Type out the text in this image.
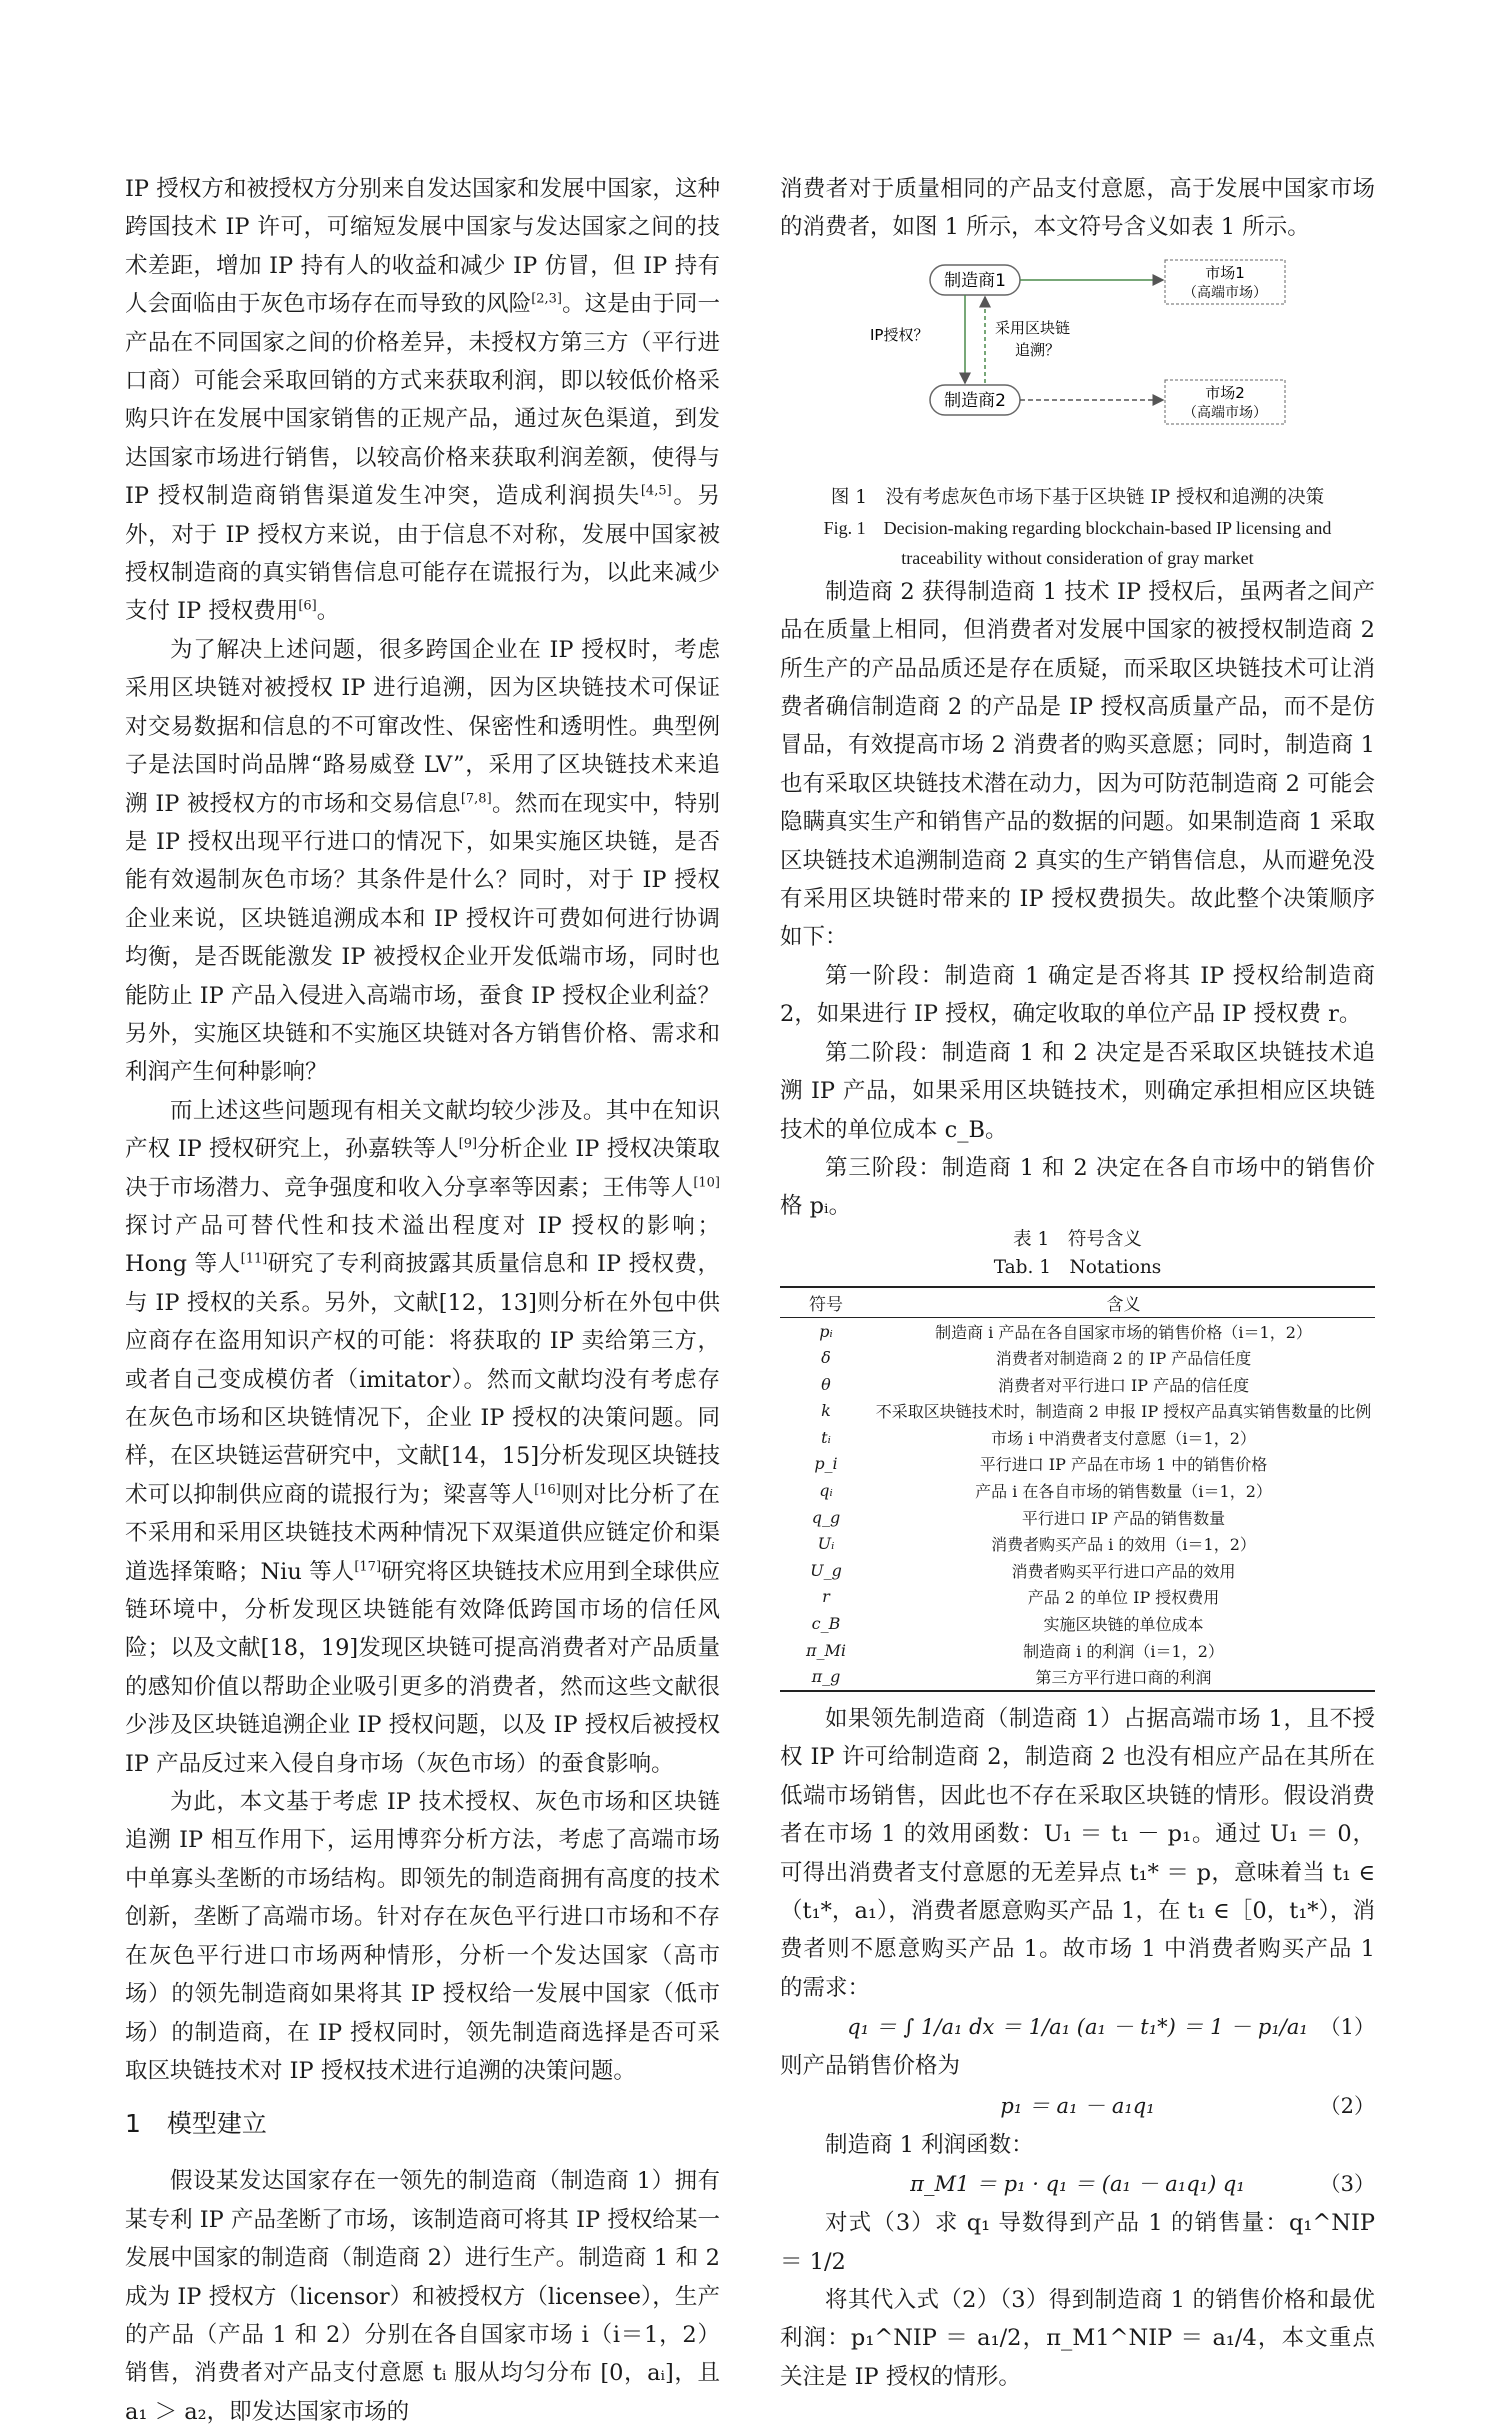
IP 授权方和被授权方分别来自发达国家和发展中国家，这种跨国技术 IP 许可，可缩短发展中国家与发达国家之间的技术差距，增加 IP 持有人的收益和减少 IP 仿冒，但 IP 持有人会面临由于灰色市场存在而导致的风险[2,3]。这是由于同一产品在不同国家之间的价格差异，未授权方第三方（平行进口商）可能会采取回销的方式来获取利润，即以较低价格采购只许在发展中国家销售的正规产品，通过灰色渠道，到发达国家市场进行销售，以较高价格来获取利润差额，使得与 IP 授权制造商销售渠道发生冲突，造成利润损失[4,5]。另外，对于 IP 授权方来说，由于信息不对称，发展中国家被授权制造商的真实销售信息可能存在谎报行为，以此来减少支付 IP 授权费用[6]。

为了解决上述问题，很多跨国企业在 IP 授权时，考虑采用区块链对被授权 IP 进行追溯，因为区块链技术可保证对交易数据和信息的不可窜改性、保密性和透明性。典型例子是法国时尚品牌“路易威登 LV”，采用了区块链技术来追溯 IP 被授权方的市场和交易信息[7,8]。然而在现实中，特别是 IP 授权出现平行进口的情况下，如果实施区块链，是否能有效遏制灰色市场？其条件是什么？同时，对于 IP 授权企业来说，区块链追溯成本和 IP 授权许可费如何进行协调均衡，是否既能激发 IP 被授权企业开发低端市场，同时也能防止 IP 产品入侵进入高端市场，蚕食 IP 授权企业利益？另外，实施区块链和不实施区块链对各方销售价格、需求和利润产生何种影响？

而上述这些问题现有相关文献均较少涉及。其中在知识产权 IP 授权研究上，孙嘉轶等人[9]分析企业 IP 授权决策取决于市场潜力、竞争强度和收入分享率等因素；王伟等人[10]探讨产品可替代性和技术溢出程度对 IP 授权的影响；Hong 等人[11]研究了专利商披露其质量信息和 IP 授权费，与 IP 授权的关系。另外，文献[12，13]则分析在外包中供应商存在盗用知识产权的可能：将获取的 IP 卖给第三方，或者自己变成模仿者（imitator）。然而文献均没有考虑存在灰色市场和区块链情况下，企业 IP 授权的决策问题。同样，在区块链运营研究中，文献[14，15]分析发现区块链技术可以抑制供应商的谎报行为；梁喜等人[16]则对比分析了在不采用和采用区块链技术两种情况下双渠道供应链定价和渠道选择策略；Niu 等人[17]研究将区块链技术应用到全球供应链环境中，分析发现区块链能有效降低跨国市场的信任风险；以及文献[18，19]发现区块链可提高消费者对产品质量的感知价值以帮助企业吸引更多的消费者，然而这些文献很少涉及区块链追溯企业 IP 授权问题，以及 IP 授权后被授权 IP 产品反过来入侵自身市场（灰色市场）的蚕食影响。

为此，本文基于考虑 IP 技术授权、灰色市场和区块链追溯 IP 相互作用下，运用博弈分析方法，考虑了高端市场中单寡头垄断的市场结构。即领先的制造商拥有高度的技术创新，垄断了高端市场。针对存在灰色平行进口市场和不存在灰色平行进口市场两种情形，分析一个发达国家（高市场）的领先制造商如果将其 IP 授权给一发展中国家（低市场）的制造商，在 IP 授权同时，领先制造商选择是否可采取区块链技术对 IP 授权技术进行追溯的决策问题。

1 模型建立

假设某发达国家存在一领先的制造商（制造商 1）拥有某专利 IP 产品垄断了市场，该制造商可将其 IP 授权给某一发展中国家的制造商（制造商 2）进行生产。制造商 1 和 2 成为 IP 授权方（licensor）和被授权方（licensee），生产的产品（产品 1 和 2）分别在各自国家市场 i（i＝1，2）销售，消费者对产品支付意愿 tᵢ 服从均匀分布 [0，aᵢ]，且 a₁ ＞ a₂，即发达国家市场的

消费者对于质量相同的产品支付意愿，高于发展中国家市场的消费者，如图 1 所示，本文符号含义如表 1 所示。

制造商1
制造商2
市场1
（高端市场）
市场2
（高端市场）
IP授权？	采用区块链
追溯？

图 1　没有考虑灰色市场下基于区块链 IP 授权和追溯的决策

Fig. 1　Decision-making regarding blockchain-based IP licensing and

traceability without consideration of gray market

制造商 2 获得制造商 1 技术 IP 授权后，虽两者之间产品在质量上相同，但消费者对发展中国家的被授权制造商 2 所生产的产品品质还是存在质疑，而采取区块链技术可让消费者确信制造商 2 的产品是 IP 授权高质量产品，而不是仿冒品，有效提高市场 2 消费者的购买意愿；同时，制造商 1 也有采取区块链技术潜在动力，因为可防范制造商 2 可能会隐瞒真实生产和销售产品的数据的问题。如果制造商 1 采取区块链技术追溯制造商 2 真实的生产销售信息，从而避免没有采用区块链时带来的 IP 授权费损失。故此整个决策顺序如下：

第一阶段：制造商 1 确定是否将其 IP 授权给制造商 2，如果进行 IP 授权，确定收取的单位产品 IP 授权费 r。

第二阶段：制造商 1 和 2 决定是否采取区块链技术追溯 IP 产品，如果采用区块链技术，则确定承担相应区块链技术的单位成本 c_B。

第三阶段：制造商 1 和 2 决定在各自市场中的销售价格 pᵢ。

表 1　符号含义

Tab. 1　Notations

符号	含义
pᵢ	制造商 i 产品在各自国家市场的销售价格（i＝1，2）
δ	消费者对制造商 2 的 IP 产品信任度
θ	消费者对平行进口 IP 产品的信任度
k	不采取区块链技术时，制造商 2 申报 IP 授权产品真实销售数量的比例
tᵢ	市场 i 中消费者支付意愿（i＝1，2）
p_i	平行进口 IP 产品在市场 1 中的销售价格
qᵢ	产品 i 在各自市场的销售数量（i＝1，2）
q_g	平行进口 IP 产品的销售数量
Uᵢ	消费者购买产品 i 的效用（i＝1，2）
U_g	消费者购买平行进口产品的效用
r	产品 2 的单位 IP 授权费用
c_B	实施区块链的单位成本
π_Mi	制造商 i 的利润（i＝1，2）
π_g	第三方平行进口商的利润

如果领先制造商（制造商 1）占据高端市场 1，且不授权 IP 许可给制造商 2，制造商 2 也没有相应产品在其所在低端市场销售，因此也不存在采取区块链的情形。假设消费者在市场 1 的效用函数：U₁ ＝ t₁ － p₁。通过 U₁ ＝ 0，可得出消费者支付意愿的无差异点 t₁* ＝ p，意味着当 t₁ ∈（t₁*，a₁），消费者愿意购买产品 1，在 t₁ ∈［0，t₁*），消费者则不愿意购买产品 1。故市场 1 中消费者购买产品 1 的需求：

q₁ ＝ ∫ 1/a₁ dx ＝ 1/a₁ (a₁ － t₁*) ＝ 1 － p₁/a₁ （1）

则产品销售价格为

p₁ ＝ a₁ － a₁q₁	（2）

制造商 1 利润函数：

π_M1 ＝ p₁ · q₁ ＝ (a₁ － a₁q₁) q₁	（3）

对式（3）求 q₁ 导数得到产品 1 的销售量：q₁^NIP ＝ 1/2

将其代入式（2）（3）得到制造商 1 的销售价格和最优利润：p₁^NIP ＝ a₁/2，π_M1^NIP ＝ a₁/4，本文重点关注是 IP 授权的情形。
